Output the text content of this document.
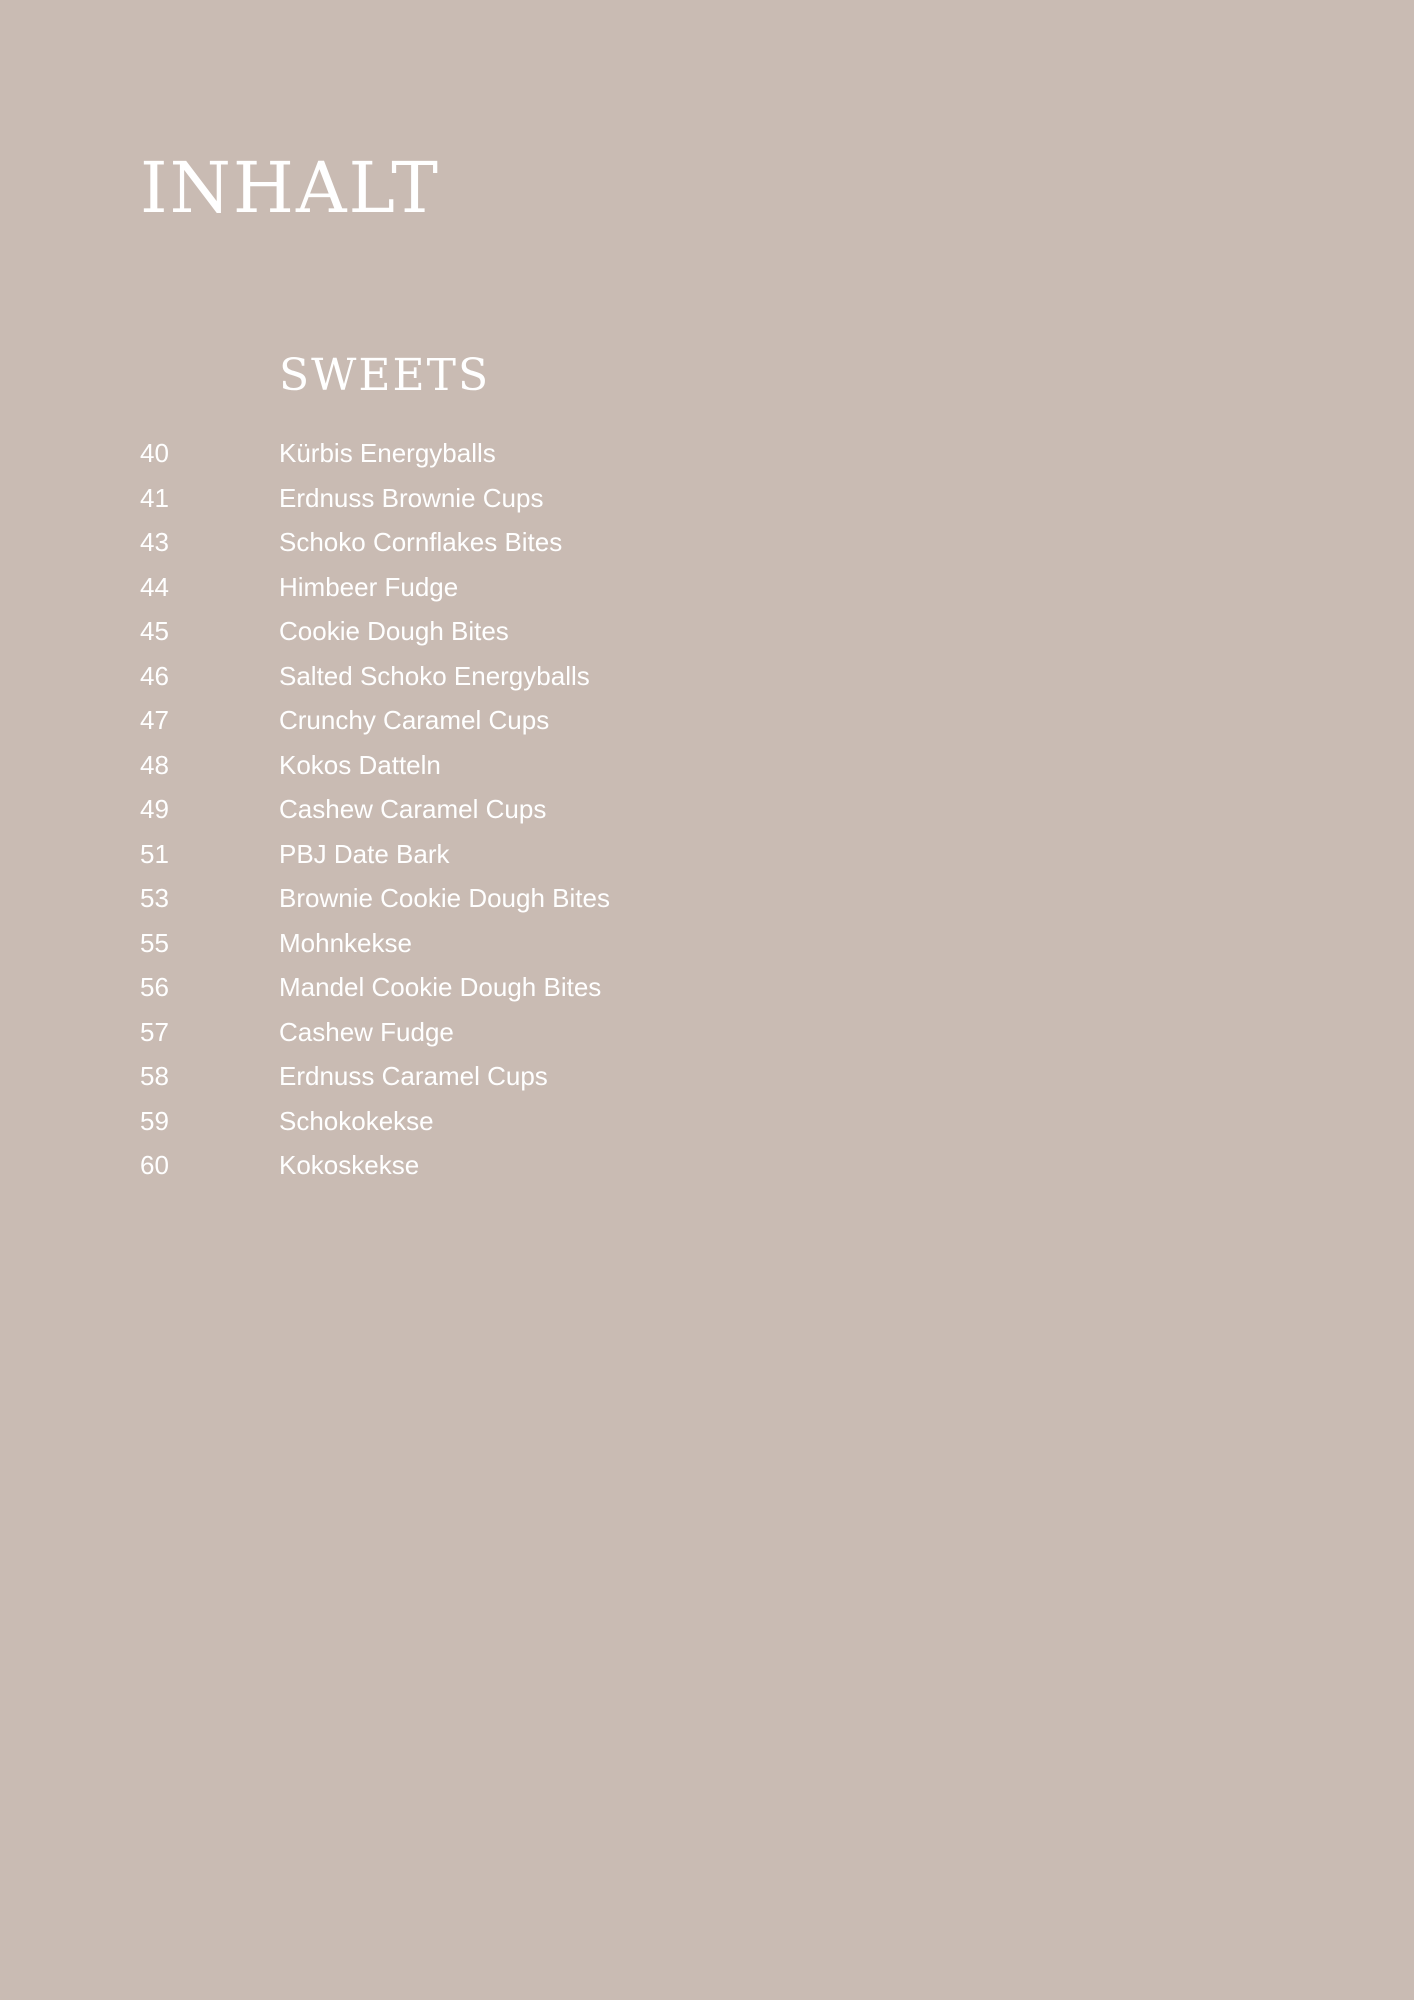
INHALT
SWEETS
40	Kürbis Energyballs
41	Erdnuss Brownie Cups
43	Schoko Cornflakes Bites
44	Himbeer Fudge
45	Cookie Dough Bites
46	Salted Schoko Energyballs
47	Crunchy Caramel Cups
48	Kokos Datteln
49	Cashew Caramel Cups
51	PBJ Date Bark
53	Brownie Cookie Dough Bites
55	Mohnkekse
56	Mandel Cookie Dough Bites
57	Cashew Fudge
58	Erdnuss Caramel Cups
59	Schokokekse
60	Kokoskekse
